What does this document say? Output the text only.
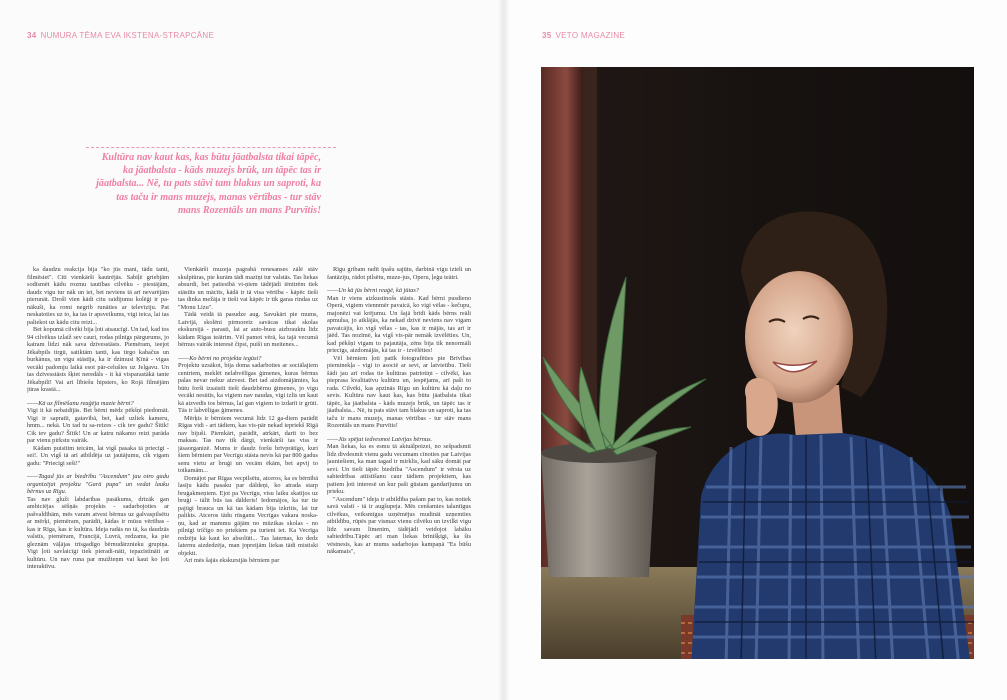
34 NUMURA TĒMA EVA IKSTENA-STRAPCĀNE
Kultūra nav kaut kas, kas būtu jāatbalsta tikai tāpēc, ka jāatbalsta - kāds muzejs brūk, un tāpēc tas ir jāatbalsta... Nē, tu pats stāvi tam blakus un saproti, ka tas taču ir mans muzejs, manas vērtības - tur stāv mans Rozentāls un mans Purvītis!

ka daudzu reakcija bija "ko jūs mani, tādu tanti, filmēsiet". Citi vienkārši kautrējās. Sabiļē griebjām sodīsmēt kādu rozmu tautības cilvēku - piestājām, daudz vigu tur nāk un iet, bet neviens tā arī nevarējām pierunāt. Drošī vien kādi citu raidījumu kolēģi ir pa-nākuši, ka romi negrib runāties ar televīziju. Pat neskatoties uz to, ka tas ir apsveikums, vigi teica, lai tas paliekot uz kādu citu reizi...

Bet kopumā cilvēki bija ļoti atsaucīgi. Un tad, kad tos 94 cilvēkus izlaiž sev cauri, rodas pilnīgs pārgurums, jo katram līdzi nāk sava dzīvesstāsts. Piemēram, ieejot Jēkabpils tirgū, satiktām tanti, kas tirgo kabačus un burkānus, un vigu stāstīja, ka ir dzimusi Ķīnā - vigas vecāki padomju laikā esot pār-celušies uz Jelgavu. Un tas dzīvesstāsts šķiet neredāls - it kā visparastākā tante Jēkabpilī! Vai arī lībiešu hipsters, ko Rojā filmējām jūras krastā...

——Kā uz filmēšanu reaģēja mazie bērni?

Vigi it kā nebaidījās. Bet bērni mēdz pēkšņi piedomāt. Vigi ir sapratīi, gatavībā, bet, kad uzliek kameru, hmm... nekā. Un tad tu sa-reizes - cik tev gadu? Šītik! Cik tev gadu? Šītik! Un ar katru nākamo reizi parāda par vienu pirkstu vairāk.

Kādam puisītim teicām, lai vigš pasaka tā priecīgi - sei!. Un vigš tā arī atbildēja uz jautājumu, cik vigam gadu: "Priecīgi seši!"

——Tagad jūs ar biedrību "Ascendum" jau otro gadu organizējat projektu "Garā pupa" un vedat lauku bērnus uz Rīgu.

Tas nav gluži labdarības pasākums, drīzāk gan ambiciējas sēšņās projekts - sadarbojoties ar pašvaldībām, mēs varam atvest bērnus uz galvaspilsētu ar mērķi, piemēram, parādīt, kādas ir mūsu vērtības - kas ir Rīga, kas ir kultūra. Ideja radās no tā, ka daudzās valstīs, piemēram, Francijā, Luvrā, redzams, ka pie gleznām vāļājas trīsgadīgo bērnudārznieku grupiņa. Vigi ļoti savlaicīgi tiek pieradi-nāti, iepazīstināti ar kultūru. Un nav runa par muižteņm vai kaut ko ļoti interaktīvu.

Vienkārši muzeja pagrabā renesanses zālē stāv skulptūras, pie kurām tādi mazīņi tur valstās. Tas liekas absurdi, bet patiesībā vi-ņiem tādējādi iēnitrēm tiek stāstīts un mācīts, kādā ir tā visa vērtība - kāpēc tieši tas dinka mežāja ir tieši vai kāpēc ir tik garas rindas uz "Monu Līzu".

Tādā veidā tā pasudze aug. Savukārt pie mums, Latvijā, skolēni pirmoreiz savācas tikai skolas ekskursijā - parasti, lai ar auto-busu aizbrauktu līdz kādam Rīgas teātrim. Vēl pamot vērā, ka tajā vecumā bērnus vairāk interesē čipsi, puiši un meitenes...

——Ko bērni no projekta iegūst?

Projektu uzsākot, bija doma sadarboties ar sociālajiem centriem, meklēt nelabvēlīgas ģimenes, kuras bērnus palas nevar nekur aizvest. Bet tad aizdomājāmies, ka būtu forši izsaistīt tieši daudzbērnu ģimenes, jo vigu vecāki nesūtīs, ka vigiem nav naudas, vigi izlīs un kaut kā aizvedīs tos bērnus, lai gan vigiem to izdarīt ir grūti. Tās ir labvēlīgas ģimenes.

Mērķis ir bērniem vecumā līdz 12 ga-diem parādīt Rīgas vidi - art tādiem, kas vis-pār nekad iepriekš Rīgā nav bijuši. Piemkārt, parādīt, atrkārt, darīt to bez maksas. Tas nav tik dārgi, vienkārši tas viss ir jāsaorganizē. Mums ir daudz foršu brīvprātīgo, kuri šiem bērniem par Vecrīgu stāsta nevis kā par 800 gadus senu vietu ar bruģi un vecām ēkām, bet apvij to toikamām...

Domājot par Rīgas vecpilsētu, atceros, ka es bērnībā lasīju kādu pasaku par dāldeņi, ko atrada starp bruģakmeņiem. Ejot pa Vecrīgu, visu laiku skatījos uz bruģi - tālīt būs tas dālderis! Iedomājos, ka tur tie pajūgi brauca un kā tas kādam bija izkritis, lai tur palikts. Atceros tādu rūsganu Vecrīgas vakara noska-ņu, kad ar mammu gājām no mūzikas skolas - no pilnīgi trīčīgo no priekiem pa turieni iet. Ka Vecrīga redzēju kā kaut ko absolūti... Tas laternas, ko dedz laternu aizdedzēja, man jopreijām liekas tādi mistiski objekti.

Arī mēs šajās ekskursijās bērniem par

Rīgu gribam radīt īpašu sajūtu, darbinā vigu izteli un fantāziju, rādot pilsētu, muze-jus, Operu, ļeģu teātri.

——Un kā jūs bērni reaģē, kā jūtas?

Man ir viens aizkustinošs stāsts. Kad bērni pusdieno Operā, vigiem viennmēr pavaicā, ko vigi vēlas - kečupu, majonēzi vai krējumu. Un šajā brīdī kāds bērns reāli apmulsa, jo atklājās, ka nekad dzīvē neviens nav vigam pavaicājis, ko vigš vēlas - tas, kas ir mājās, tas arī ir jāēd. Tas nozīmē, ka vigš vis-pār nemāk izvēlēties. Un, kad pēkšņi vigam to pajautāja, zēns bija tik nenormāli priecīgs, aizdomājās, kā tas ir - izvēlēties!

Vēl bērniem ļoti patīk fotografēties pie Brīvības pieminekļa - vigi to asociē ar sevi, ar latvietību. Tieši šādi jau arī rodas tie kultūras patriotiņi - cilvēki, kas pieprasa kvalitatīvu kultūru un, iespējams, arī paši to rada. Cilvēki, kas apzinās Rīgu un kultūru kā daļu no sevis. Kultūra nav kaut kas, kas būtu jāatbalsta tikai tāpēc, ka jāatbalsta - kāds muzejs brūk, un tāpēc tas ir jāatbalsta... Nē, tu pats stāvi tam blakus un saproti, ka tas taču ir mans muzejs, manas vērtības - tur stāv mans Rozentāls un mans Purvītis!

——Jūs spējat iedvesmot Latvijas bērnus.

Man liekas, ka es esmu tā aktuālpoizei, no sešpadsmit līdz divdesmit vienu gadu vecumam cīnoties par Latvijas jauniešiem, ka man tagad ir mirklis, kad sāku domāt par sevi. Un tieši tāpēc biedrība "Ascendum" ir vērsta uz sabiedrības attīstīšanu caur tādiem projektiem, kas patiem ļoti interesē un kur paši gūstam gandarījumu un prieku.

"Ascendum" ideja ir atbildība pašam par to, kas notiek savā valstī - tā ir augšupeja. Mēs cenšamies talantīgus cilvēkus, veiksmīgus uzņēmējus mudināt uzņemties atbildību, rūpēs par vismaz vienu cilvēku un izvilkt vigu līdz savam līmenim, tādējādi veidojot labāku sabiedrību.Tāpēc arī man liekas brīnišķīgi, ka šis vēstnesis, kas ar mums sadarbojas kampaņā "Es būšu nākamais",

35 VETO MAGAZINE
